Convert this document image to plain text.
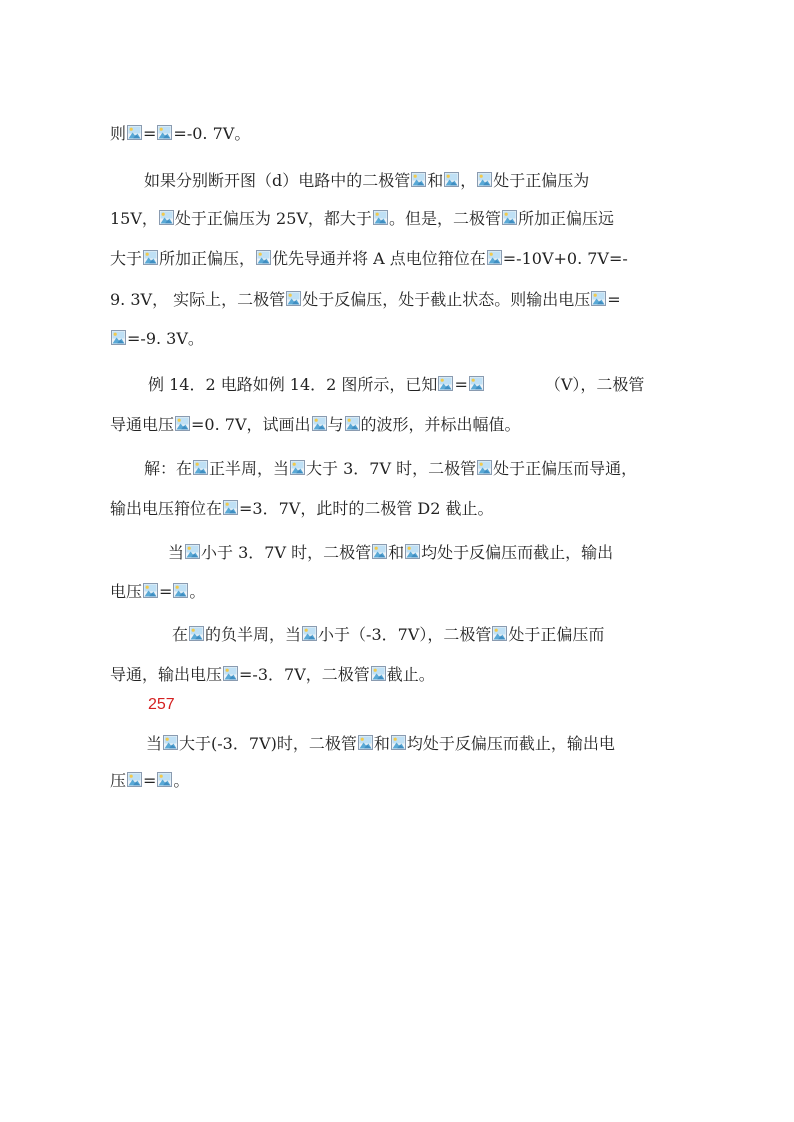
则 = =-0. 7V。
如果分别断开图（d）电路中的二极管 和 ， 处于正偏压为
15V， 处于正偏压为 25V，都大于 。但是，二极管 所加正偏压远
大于 所加正偏压， 优先导通并将 A 点电位箝位在 =-10V+0. 7V=-
9. 3V， 实际上，二极管 处于反偏压，处于截止状态。则输出电压 =
=-9. 3V。
例 14．2 电路如例 14．2 图所示，已知 =	（V），二极管
导通电压 =0. 7V，试画出 与 的波形，并标出幅值。
解：在 正半周，当 大于 3．7V 时，二极管 处于正偏压而导通，
输出电压箝位在 =3．7V，此时的二极管 D2 截止。
当 小于 3．7V 时，二极管 和 均处于反偏压而截止，输出
电压 = 。
在 的负半周，当 小于（-3．7V），二极管 处于正偏压而
导通，输出电压 =-3．7V，二极管 截止。
257
当 大于(-3．7V)时，二极管 和 均处于反偏压而截止，输出电
压 = 。
